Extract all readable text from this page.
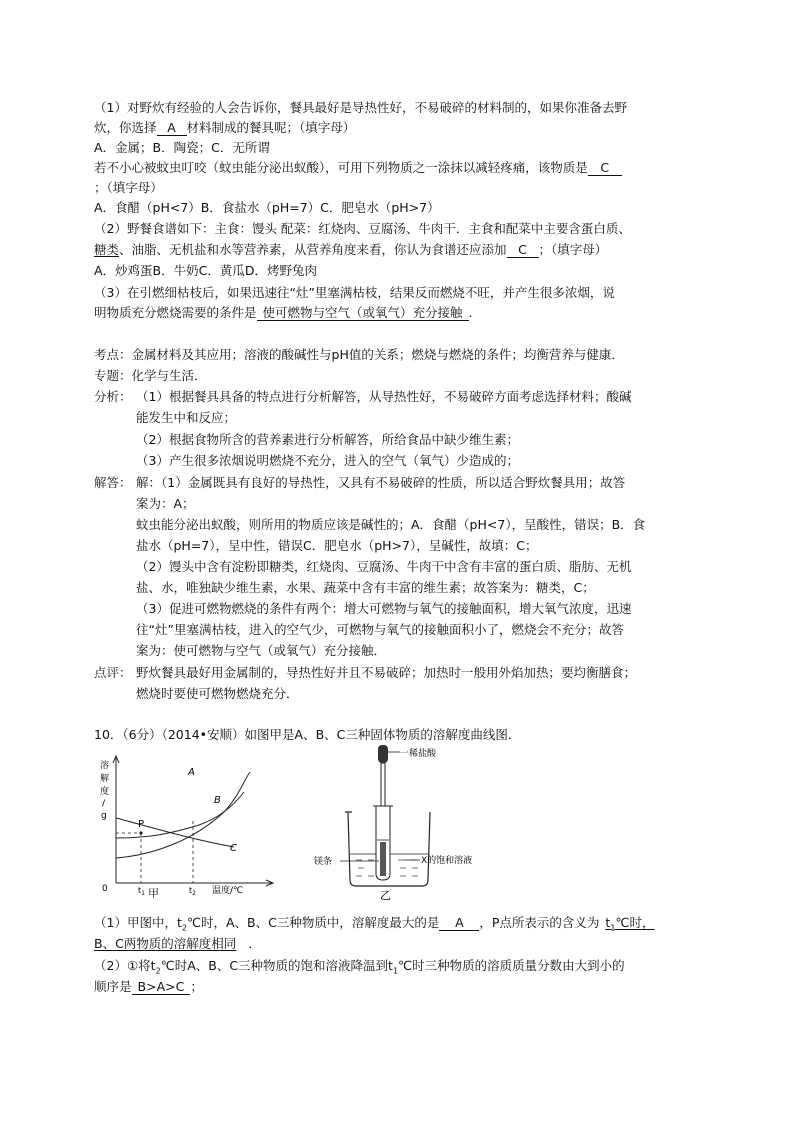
（1）对野炊有经验的人会告诉你，餐具最好是导热性好，不易破碎的材料制的，如果你准备去野
炊，你选择 A 材料制成的餐具呢；（填字母）
A．金属；B．陶瓷；C．无所谓
若不小心被蚊虫叮咬（蚊虫能分泌出蚁酸），可用下列物质之一涂抹以减轻疼痛，该物质是 C
；（填字母）
A．食醋（pH<7）B．食盐水（pH=7）C．肥皂水（pH>7）
（2）野餐食谱如下：主食：馒头 配菜：红烧肉、豆腐汤、牛肉干．主食和配菜中主要含蛋白质、
糖类、油脂、无机盐和水等营养素，从营养角度来看，你认为食谱还应添加 C ；（填字母）
A．炒鸡蛋B．牛奶C．黄瓜D．烤野兔肉
（3）在引燃细枯枝后，如果迅速往“灶”里塞满枯枝，结果反而燃烧不旺，并产生很多浓烟，说
明物质充分燃烧需要的条件是 使可燃物与空气（或氧气）充分接触 ．
考点：金属材料及其应用；溶液的酸碱性与pH值的关系；燃烧与燃烧的条件；均衡营养与健康．
专题：化学与生活．
分析： （1）根据餐具具备的特点进行分析解答，从导热性好，不易破碎方面考虑选择材料；酸碱
能发生中和反应；
（2）根据食物所含的营养素进行分析解答，所给食品中缺少维生素；
（3）产生很多浓烟说明燃烧不充分，进入的空气（氧气）少造成的；
解答： 解：（1）金属既具有良好的导热性，又具有不易破碎的性质，所以适合野炊餐具用；故答
案为：A；
蚊虫能分泌出蚁酸，则所用的物质应该是碱性的；A．食醋（pH<7），呈酸性，错误；B．食
盐水（pH=7），呈中性，错误C．肥皂水（pH>7），呈碱性，故填：C；
（2）馒头中含有淀粉即糖类，红烧肉、豆腐汤、牛肉干中含有丰富的蛋白质、脂肪、无机
盐、水，唯独缺少维生素，水果、蔬菜中含有丰富的维生素；故答案为：糖类，C；
（3）促进可燃物燃烧的条件有两个：增大可燃物与氧气的接触面积，增大氧气浓度，迅速
往“灶”里塞满枯枝，进入的空气少，可燃物与氧气的接触面积小了，燃烧会不充分；故答
案为：使可燃物与空气（或氧气）充分接触．
点评： 野炊餐具最好用金属制的，导热性好并且不易破碎；加热时一般用外焰加热；要均衡膳食；
燃烧时要使可燃物燃烧充分．
10．（6分）（2014•安顺）如图甲是A、B、C三种固体物质的溶解度曲线图．
溶
解
度
/
g
P
A
B
C
0	$t_1$	$t_2$ 温度/℃
甲
一稀盐酸
镁条	X的饱和溶液
乙
（1）甲图中，$t_2℃$时，A、B、C三种物质中，溶解度最大的是 A ，P点所表示的含义为 $t_1℃$时，
B、C两物质的溶解度相同 ．
（2）①将$t_2℃$时A、B、C三种物质的饱和溶液降温到$t_1℃$时三种物质的溶质质量分数由大到小的
顺序是 B>A>C ；
